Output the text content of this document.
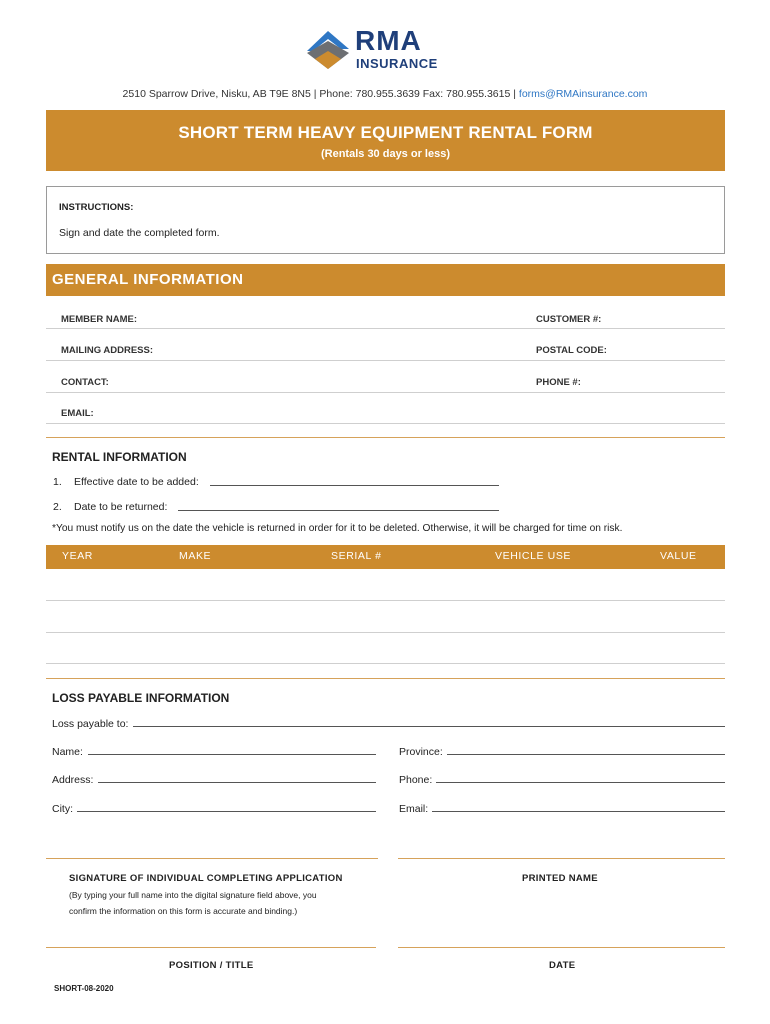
RMA
INSURANCE
2510 Sparrow Drive, Nisku, AB T9E 8N5 | Phone: 780.955.3639 Fax: 780.955.3615 | forms@RMAinsurance.com
SHORT TERM HEAVY EQUIPMENT RENTAL FORM
(Rentals 30 days or less)
INSTRUCTIONS:
Sign and date the completed form.
GENERAL INFORMATION
MEMBER NAME:	CUSTOMER #:
MAILING ADDRESS:	POSTAL CODE:
CONTACT:	PHONE #:
EMAIL:
RENTAL INFORMATION
1. Effective date to be added:
2. Date to be returned:
*You must notify us on the date the vehicle is returned in order for it to be deleted. Otherwise, it will be charged for time on risk.
YEAR	MAKE	SERIAL #	VEHICLE USE	VALUE
LOSS PAYABLE INFORMATION
Loss payable to:
Name:	Province:
Address:	Phone:
City:	Email:
SIGNATURE OF INDIVIDUAL COMPLETING APPLICATION
(By typing your full name into the digital signature field above, you
confirm the information on this form is accurate and binding.)
PRINTED NAME
POSITION / TITLE	DATE
SHORT-08-2020
